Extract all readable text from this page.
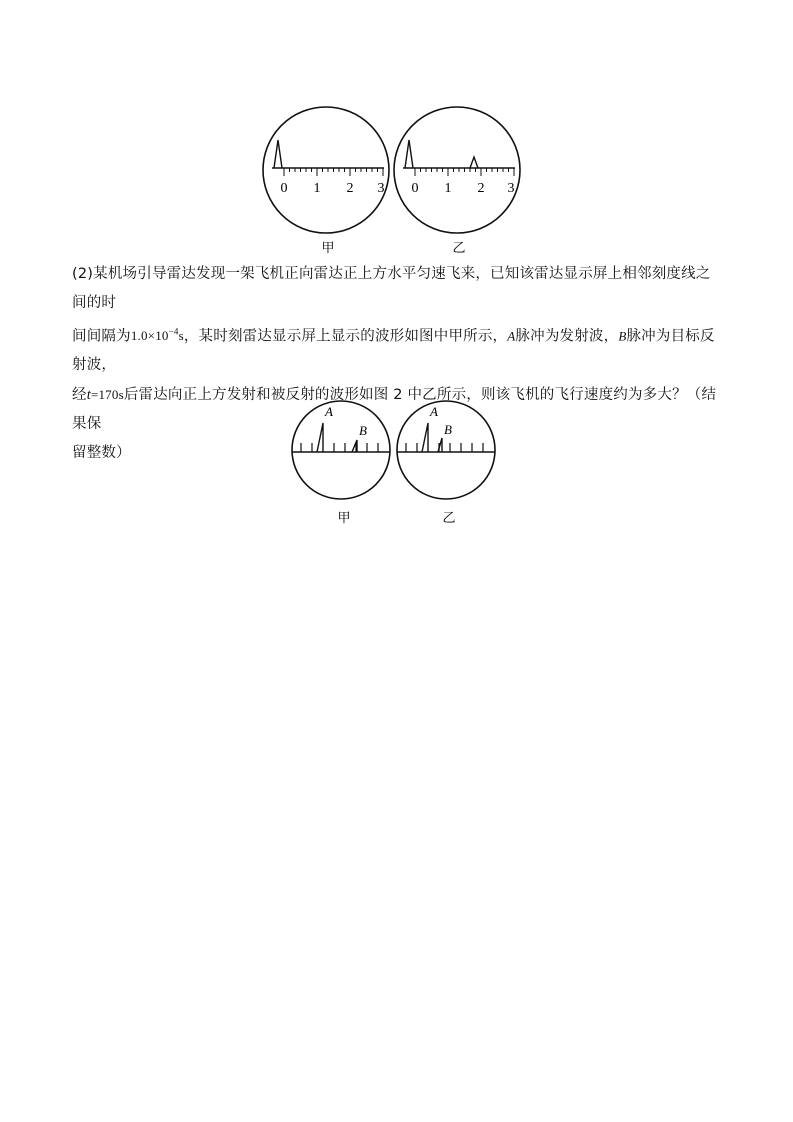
0 1 2 3
甲
0 1 2 3
乙
(2)某机场引导雷达发现一架飞机正向雷达正上方水平匀速飞来，已知该雷达显示屏上相邻刻度线之间的时
间间隔为$1.0\times 10^{-4}s$，某时刻雷达显示屏上显示的波形如图中甲所示，A脉冲为发射波，B脉冲为目标反射波，
经t=170s后雷达向正上方发射和被反射的波形如图 2 中乙所示，则该飞机的飞行速度约为多大？（结果保
留整数）
A
B
甲
A
B
乙
